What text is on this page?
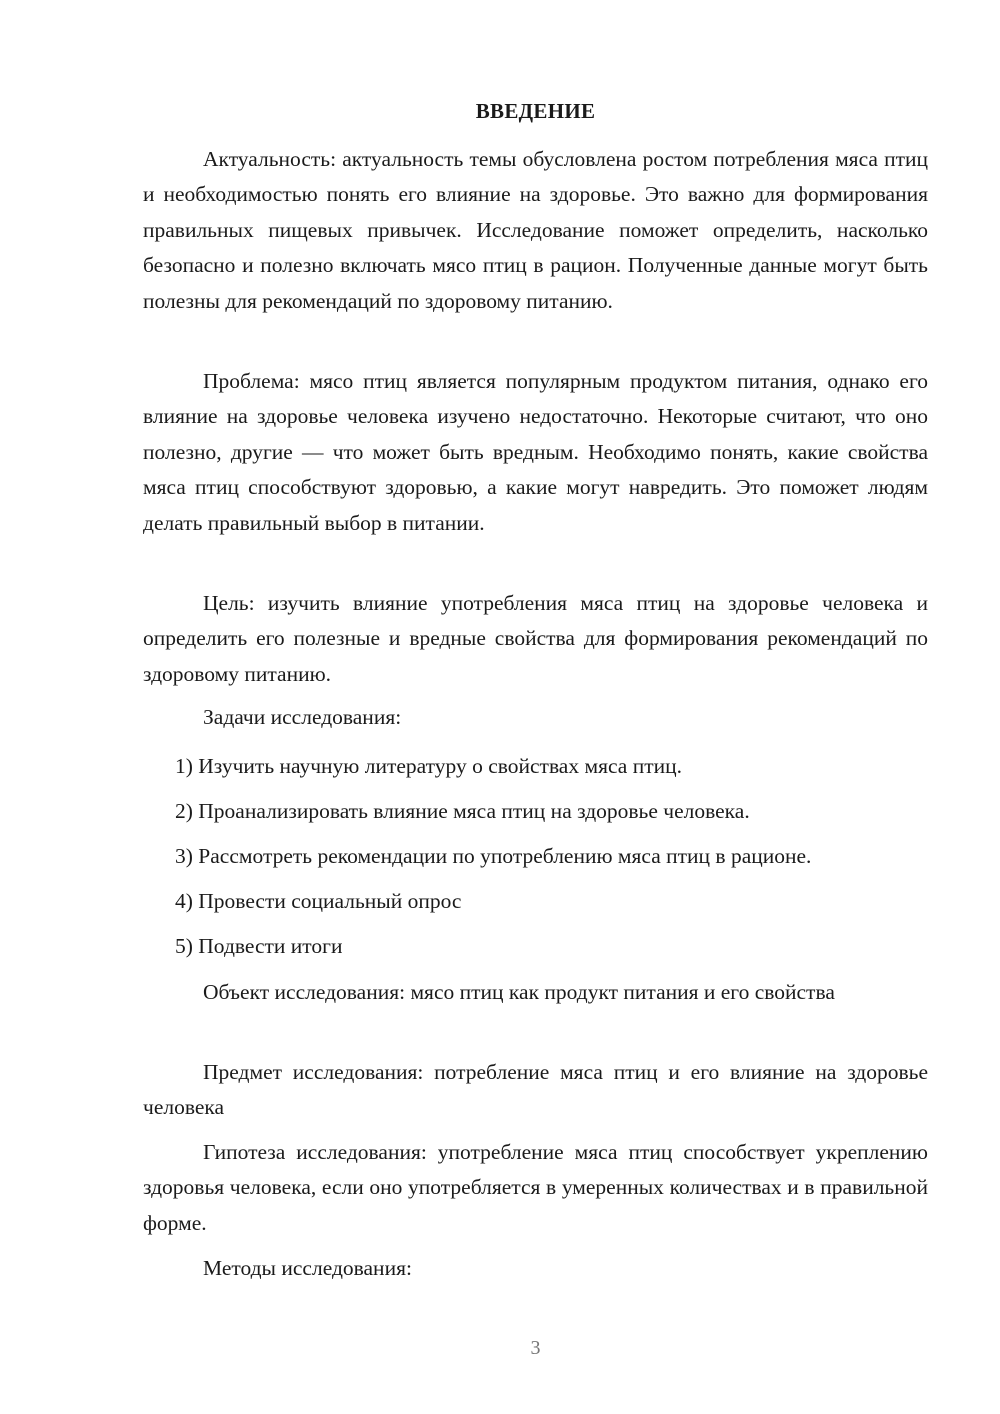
ВВЕДЕНИЕ

Актуальность: актуальность темы обусловлена ростом потребления мяса птиц и необходимостью понять его влияние на здоровье. Это важно для формирования правильных пищевых привычек. Исследование поможет определить, насколько безопасно и полезно включать мясо птиц в рацион. Полученные данные могут быть полезны для рекомендаций по здоровому питанию.

Проблема: мясо птиц является популярным продуктом питания, однако его влияние на здоровье человека изучено недостаточно. Некоторые считают, что оно полезно, другие — что может быть вредным. Необходимо понять, какие свойства мяса птиц способствуют здоровью, а какие могут навредить. Это поможет людям делать правильный выбор в питании.

Цель: изучить влияние употребления мяса птиц на здоровье человека и определить его полезные и вредные свойства для формирования рекомендаций по здоровому питанию.

Задачи исследования:

1) Изучить научную литературу о свойствах мяса птиц.

2) Проанализировать влияние мяса птиц на здоровье человека.

3) Рассмотреть рекомендации по употреблению мяса птиц в рационе.

4) Провести социальный опрос

5) Подвести итоги

Объект исследования: мясо птиц как продукт питания и его свойства

Предмет исследования: потребление мяса птиц и его влияние на здоровье человека

Гипотеза исследования: употребление мяса птиц способствует укреплению здоровья человека, если оно употребляется в умеренных количествах и в правильной форме.

Методы исследования:

3
